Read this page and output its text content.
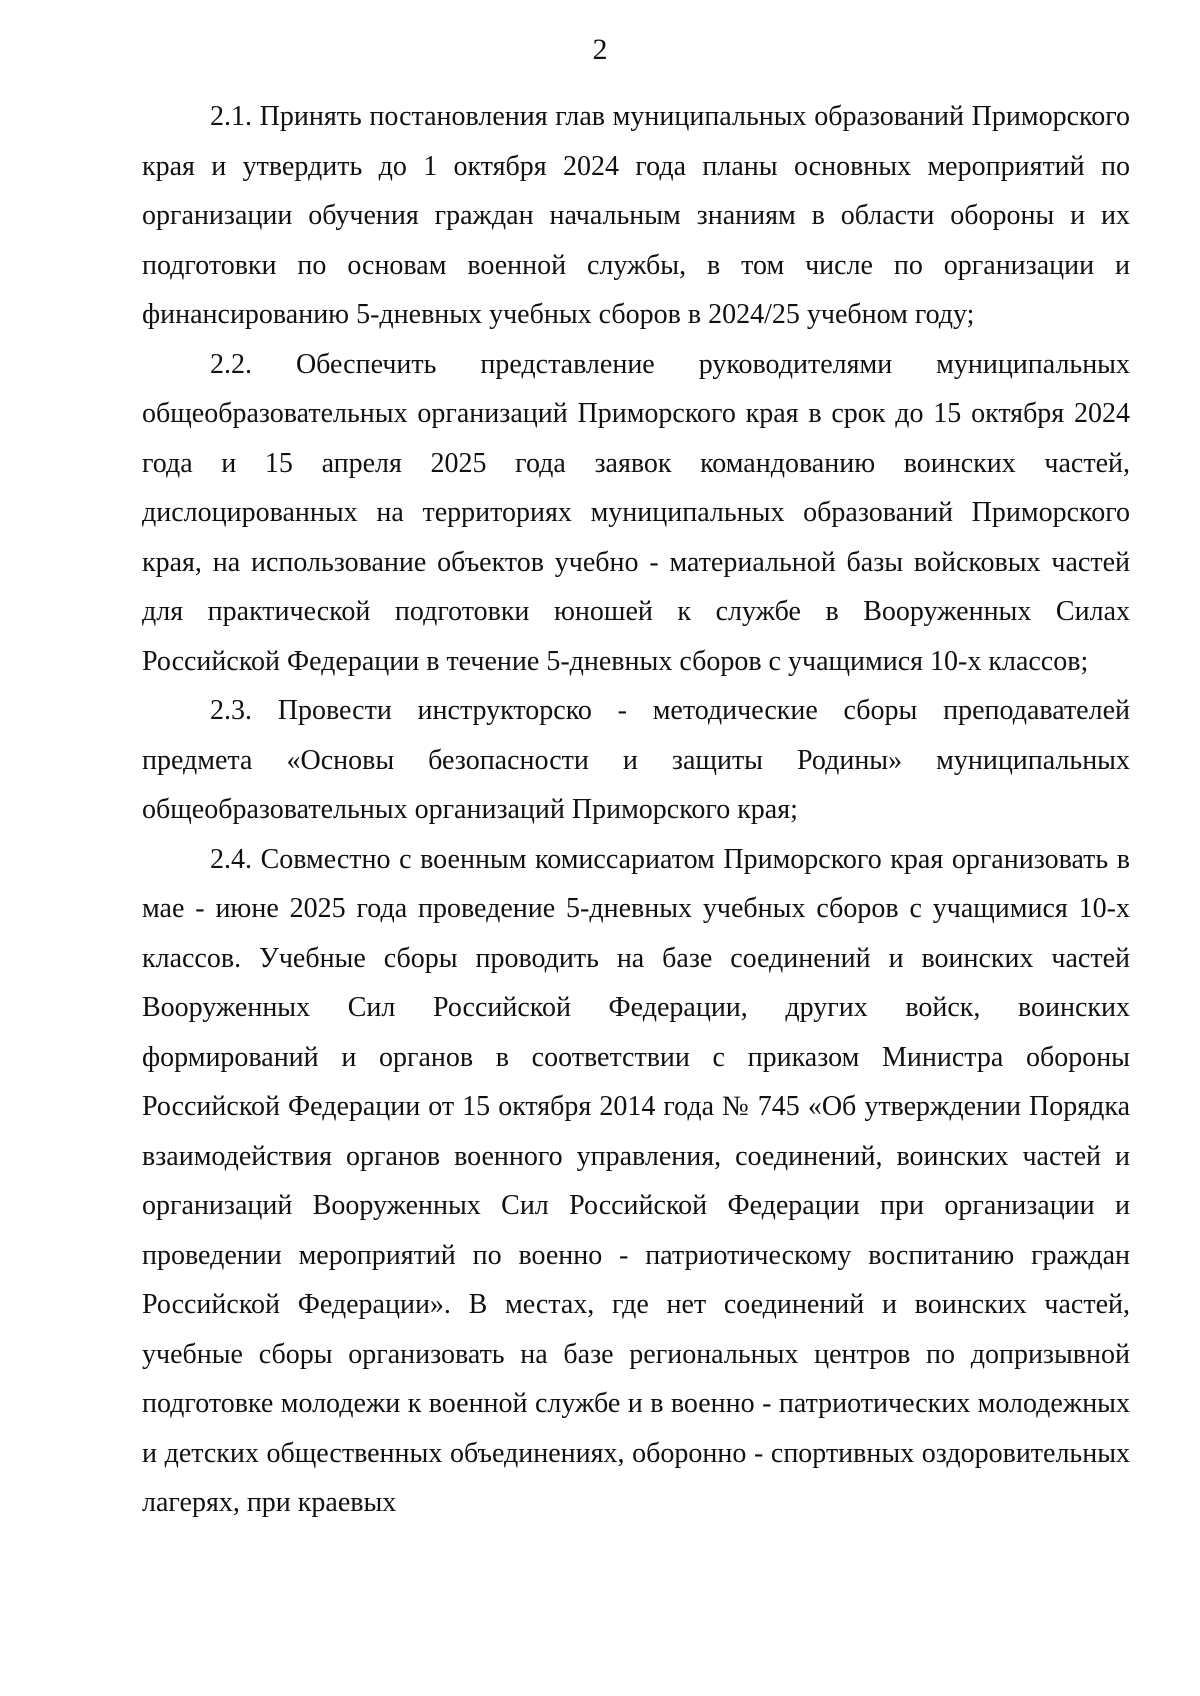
2

2.1. Принять постановления глав муниципальных образований Приморского края и утвердить до 1 октября 2024 года планы основных мероприятий по организации обучения граждан начальным знаниям в области обороны и их подготовки по основам военной службы, в том числе по организации и финансированию 5-дневных учебных сборов в 2024/25 учебном году;

2.2. Обеспечить представление руководителями муниципальных общеобразовательных организаций Приморского края в срок до 15 октября 2024 года и 15 апреля 2025 года заявок командованию воинских частей, дислоцированных на территориях муниципальных образований Приморского края, на использование объектов учебно - материальной базы войсковых частей для практической подготовки юношей к службе в Вооруженных Силах Российской Федерации в течение 5-дневных сборов с учащимися 10-х классов;

2.3. Провести инструкторско - методические сборы преподавателей предмета «Основы безопасности и защиты Родины» муниципальных общеобразовательных организаций Приморского края;

2.4. Совместно с военным комиссариатом Приморского края организовать в мае - июне 2025 года проведение 5-дневных учебных сборов с учащимися 10-х классов. Учебные сборы проводить на базе соединений и воинских частей Вооруженных Сил Российской Федерации, других войск, воинских формирований и органов в соответствии с приказом Министра обороны Российской Федерации от 15 октября 2014 года № 745 «Об утверждении Порядка взаимодействия органов военного управления, соединений, воинских частей и организаций Вооруженных Сил Российской Федерации при организации и проведении мероприятий по военно - патриотическому воспитанию граждан Российской Федерации». В местах, где нет соединений и воинских частей, учебные сборы организовать на базе региональных центров по допризывной подготовке молодежи к военной службе и в военно - патриотических молодежных и детских общественных объединениях, оборонно - спортивных оздоровительных лагерях, при краевых
